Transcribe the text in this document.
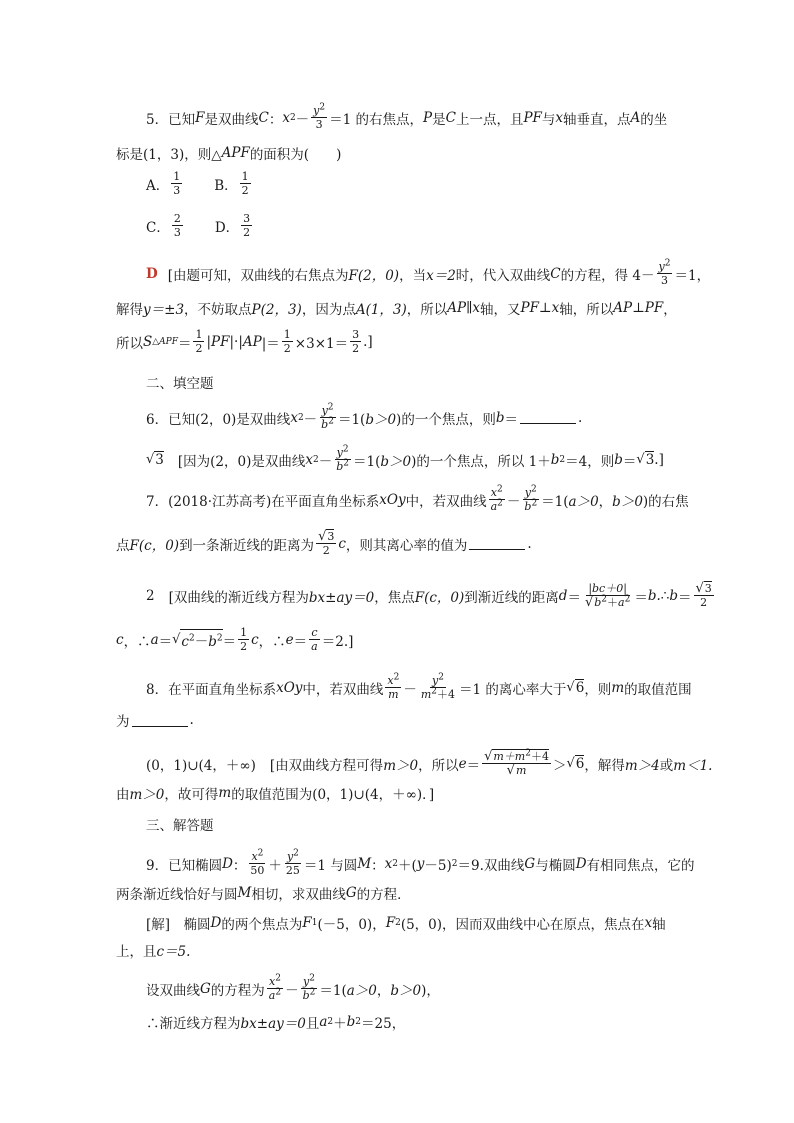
5．已知 F 是双曲线 C ： x $2 - \frac{y^2}{3} =1$ 的右焦点， P 是 C 上一点，且 PF 与 x 轴垂直，点 A 的坐
标是(1，3)，则△ APF 的面积为(　　)
A． $\frac{1}{3}$ B． $\frac{1}{2}$
C． $\frac{2}{3}$ D． $\frac{3}{2}$
D [由题可知，双曲线的右焦点为 F(2，0) ，当 x＝2 时，代入双曲线 C 的方程，得 $4- \frac{y^2}{3} =1$，
解得 y＝±3 ，不妨取点 P(2，3) ，因为点 A(1，3) ，所以 AP∥x 轴，又 PF⊥x 轴，所以 AP⊥PF ，
所以 S △APF ＝ $\frac{1}{2}$ | PF |·| A P |＝ $\frac{1}{2} \times 3\times 1= \frac{3}{2}$ .]
二、填空题
6．已知(2，0)是双曲线 x $2 - \frac{y^2}{b^2} =1$( b＞0 )的一个焦点，则 b ＝	.
√ 3 [因为(2，0)是双曲线 x $2 - \frac{y^2}{b^2} =1$( b＞0 )的一个焦点，所以 1＋ b 2 ＝4，则 b ＝ √ 3 .]
7．(2018·江苏高考)在平面直角坐标系 xOy 中，若双曲线 $\frac{x^2}{a^2} - \frac{y^2}{b^2} =1$( a＞0 ， b＞0 )的右焦
点 F(c，0) 到一条渐近线的距离为 $\frac{√3}{2}$ c ，则其离心率的值为	.
2 [双曲线的渐近线方程为 bx±ay＝0 ，焦点 F(c，0) 到渐近线的距离 $d = \frac{|bc+0|}{√b^2+a^2} = b$. ∴ $b = \frac{√3}{2}$
c ，∴ a ＝ √ $c^2-b^2 = \frac{1}{2}$ c ，∴ $e = \frac{c}{a} =2$.]
8．在平面直角坐标系 xOy 中，若双曲线 $\frac{x^2}{m} - \frac{y^2}{m^2+4} =1$ 的离心率大于 √ 6 ，则 m 的取值范围
为	.
(0，1)∪(4，＋∞) [由双曲线方程可得 m＞0 ，所以 $e = \frac{√m+m^2+4}{√m}$ ＞ √ 6 ，解得 m＞4 或 m＜1.
由 m＞0 ，故可得 m 的取值范围为(0，1)∪(4，＋∞)．]
三、解答题
9．已知椭圆 D ： $\frac{x^2}{50} + \frac{y^2}{25} =1$ 与圆 M ： x 2 ＋( y －5) 2 ＝9.双曲线 G 与椭圆 D 有相同焦点，它的
两条渐近线恰好与圆 M 相切，求双曲线 G 的方程．
[解] 　椭圆 D 的两个焦点为 F 1 (－5，0)， F 2 (5，0) ，因而双曲线中心在原点，焦点在 x 轴
上，且 c＝5.
设双曲线 G 的方程为 $\frac{x^2}{a^2} - \frac{y^2}{b^2} =1$( a＞0 ， b＞0 )，
∴渐近线方程为 bx±ay＝0 且 a 2 ＋ b 2 ＝25，
